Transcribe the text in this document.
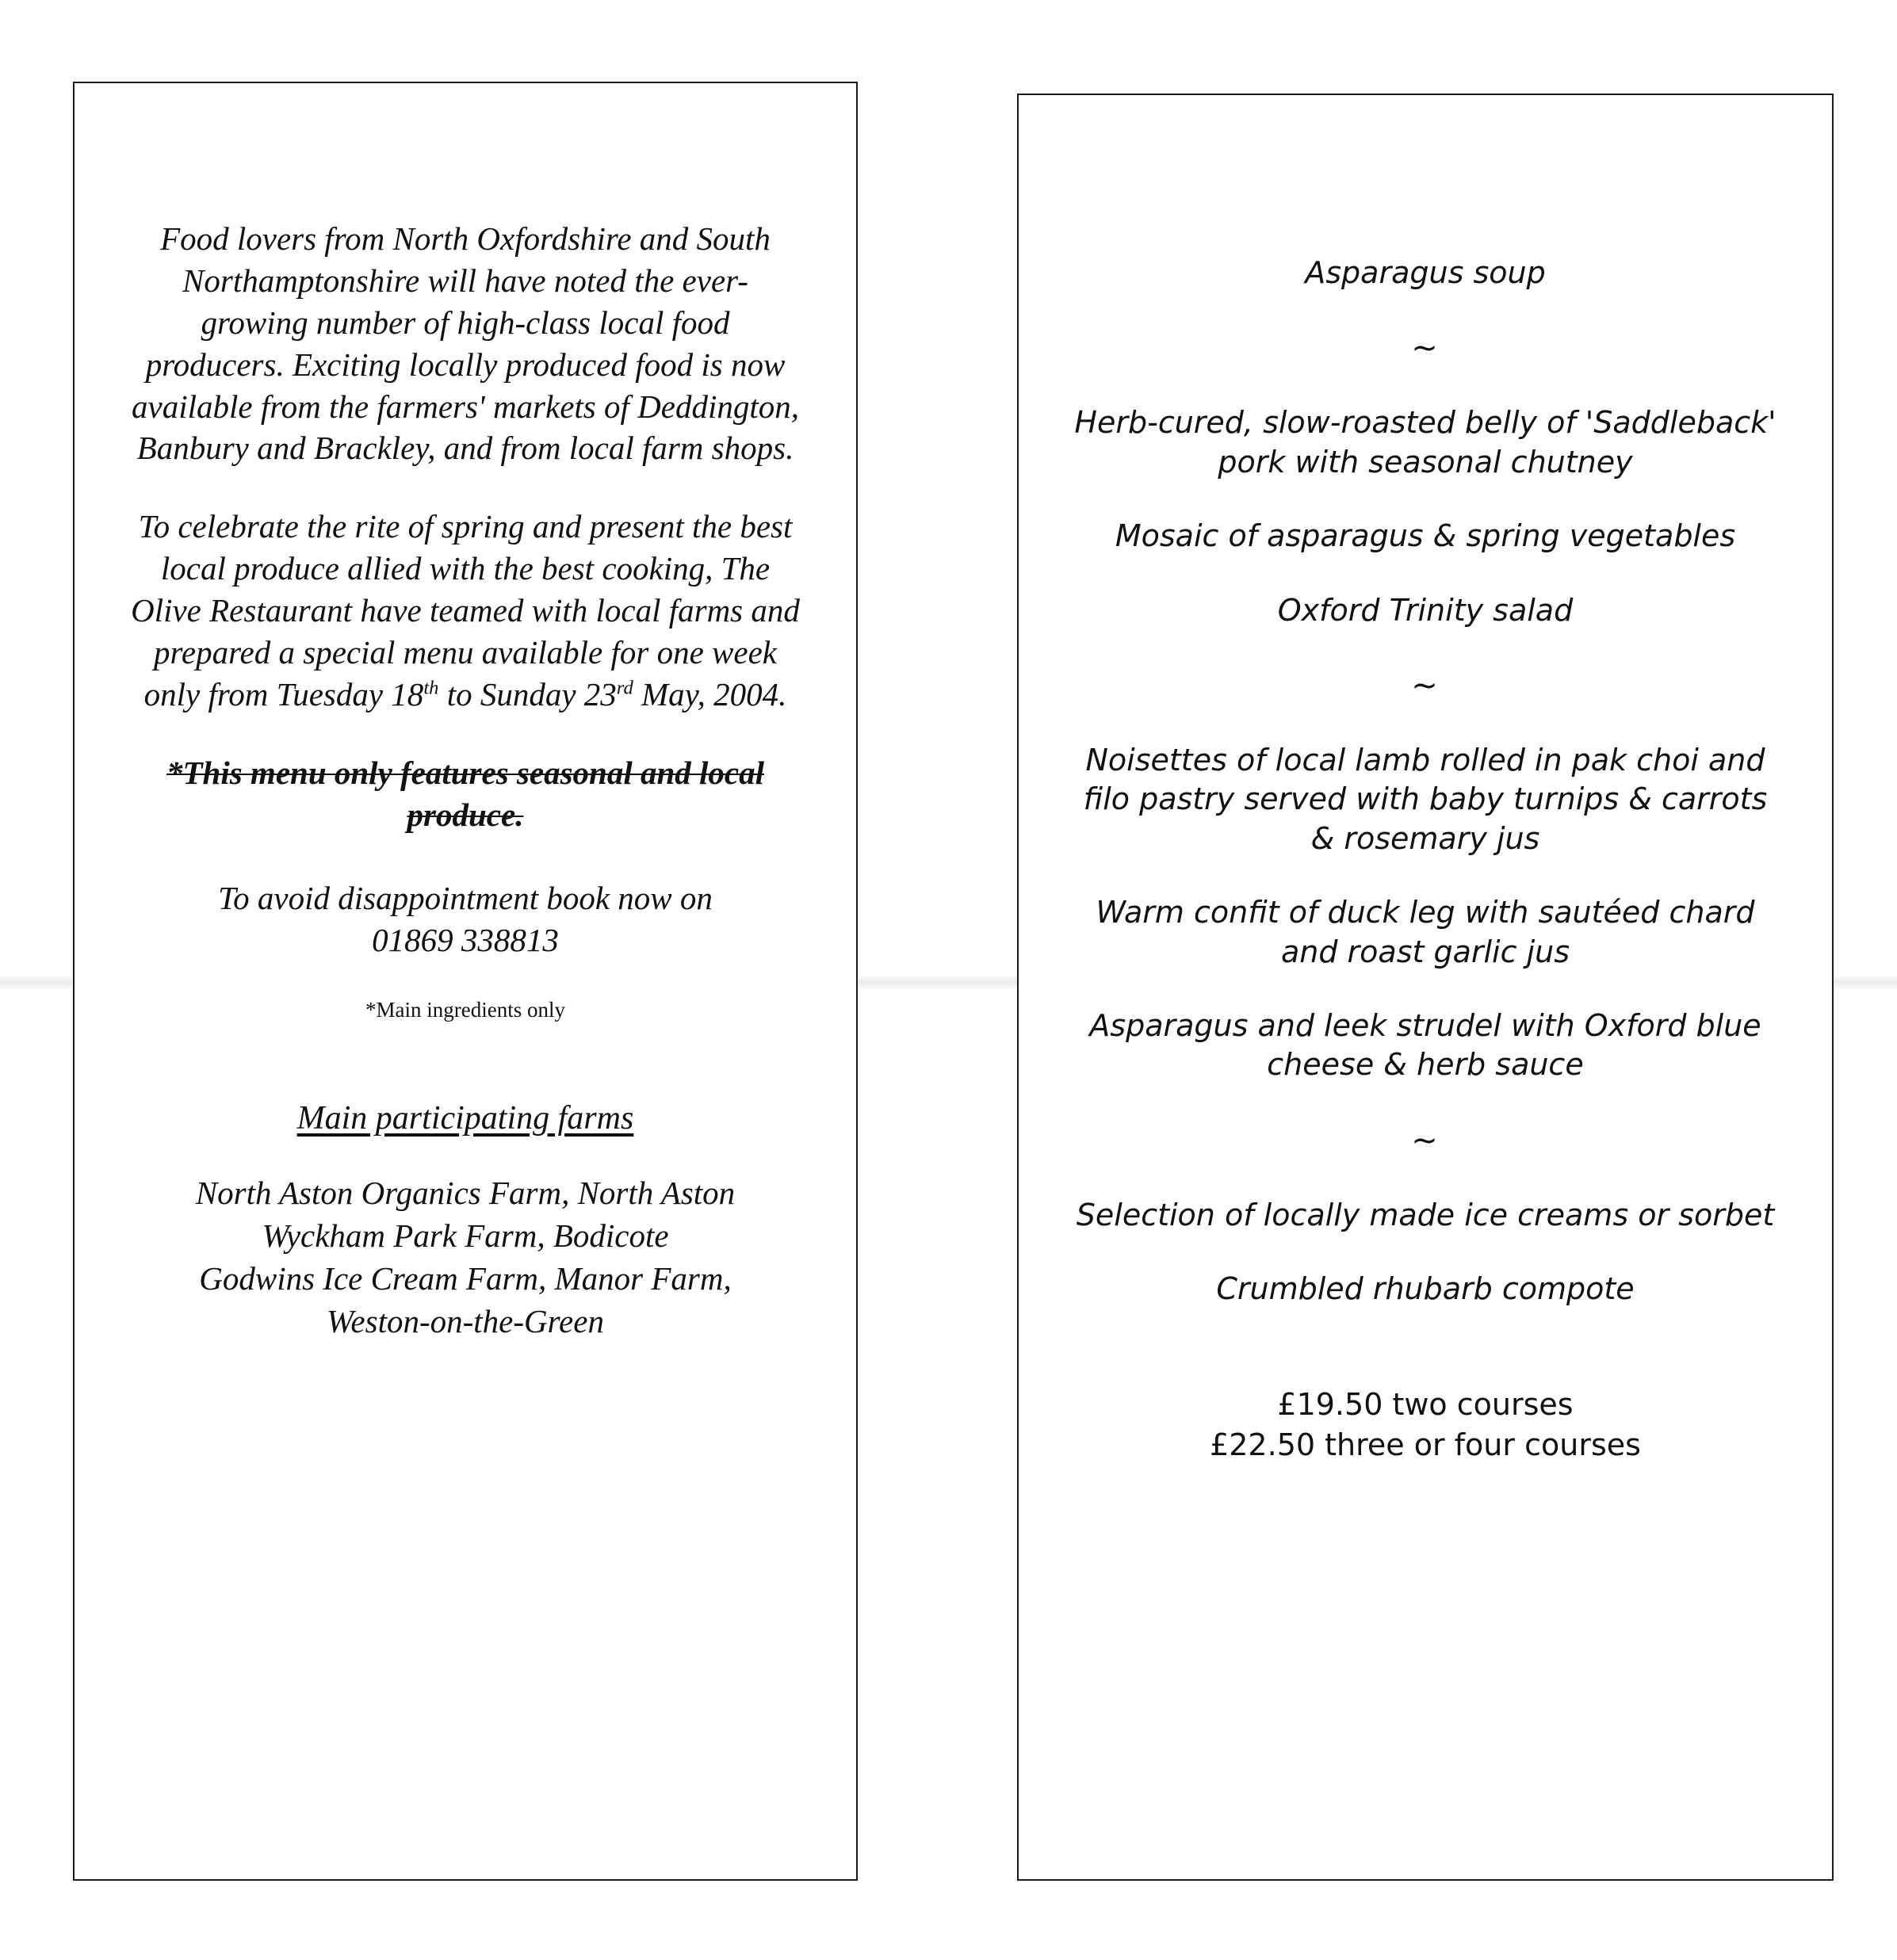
Food lovers from North Oxfordshire and South Northamptonshire will have noted the ever-growing number of high-class local food producers. Exciting locally produced food is now available from the farmers' markets of Deddington, Banbury and Brackley, and from local farm shops.

To celebrate the rite of spring and present the best local produce allied with the best cooking, The Olive Restaurant have teamed with local farms and prepared a special menu available for one week only from Tuesday 18th to Sunday 23rd May, 2004.

*This menu only features seasonal and local produce.

To avoid disappointment book now on
01869 338813

*Main ingredients only

Main participating farms

North Aston Organics Farm, North Aston
Wyckham Park Farm, Bodicote
Godwins Ice Cream Farm, Manor Farm,
Weston-on-the-Green

Asparagus soup

~

Herb-cured, slow-roasted belly of 'Saddleback' pork with seasonal chutney

Mosaic of asparagus & spring vegetables

Oxford Trinity salad

~

Noisettes of local lamb rolled in pak choi and filo pastry served with baby turnips & carrots & rosemary jus

Warm confit of duck leg with sautéed chard and roast garlic jus

Asparagus and leek strudel with Oxford blue cheese & herb sauce

~

Selection of locally made ice creams or sorbet

Crumbled rhubarb compote

£19.50 two courses
£22.50 three or four courses
